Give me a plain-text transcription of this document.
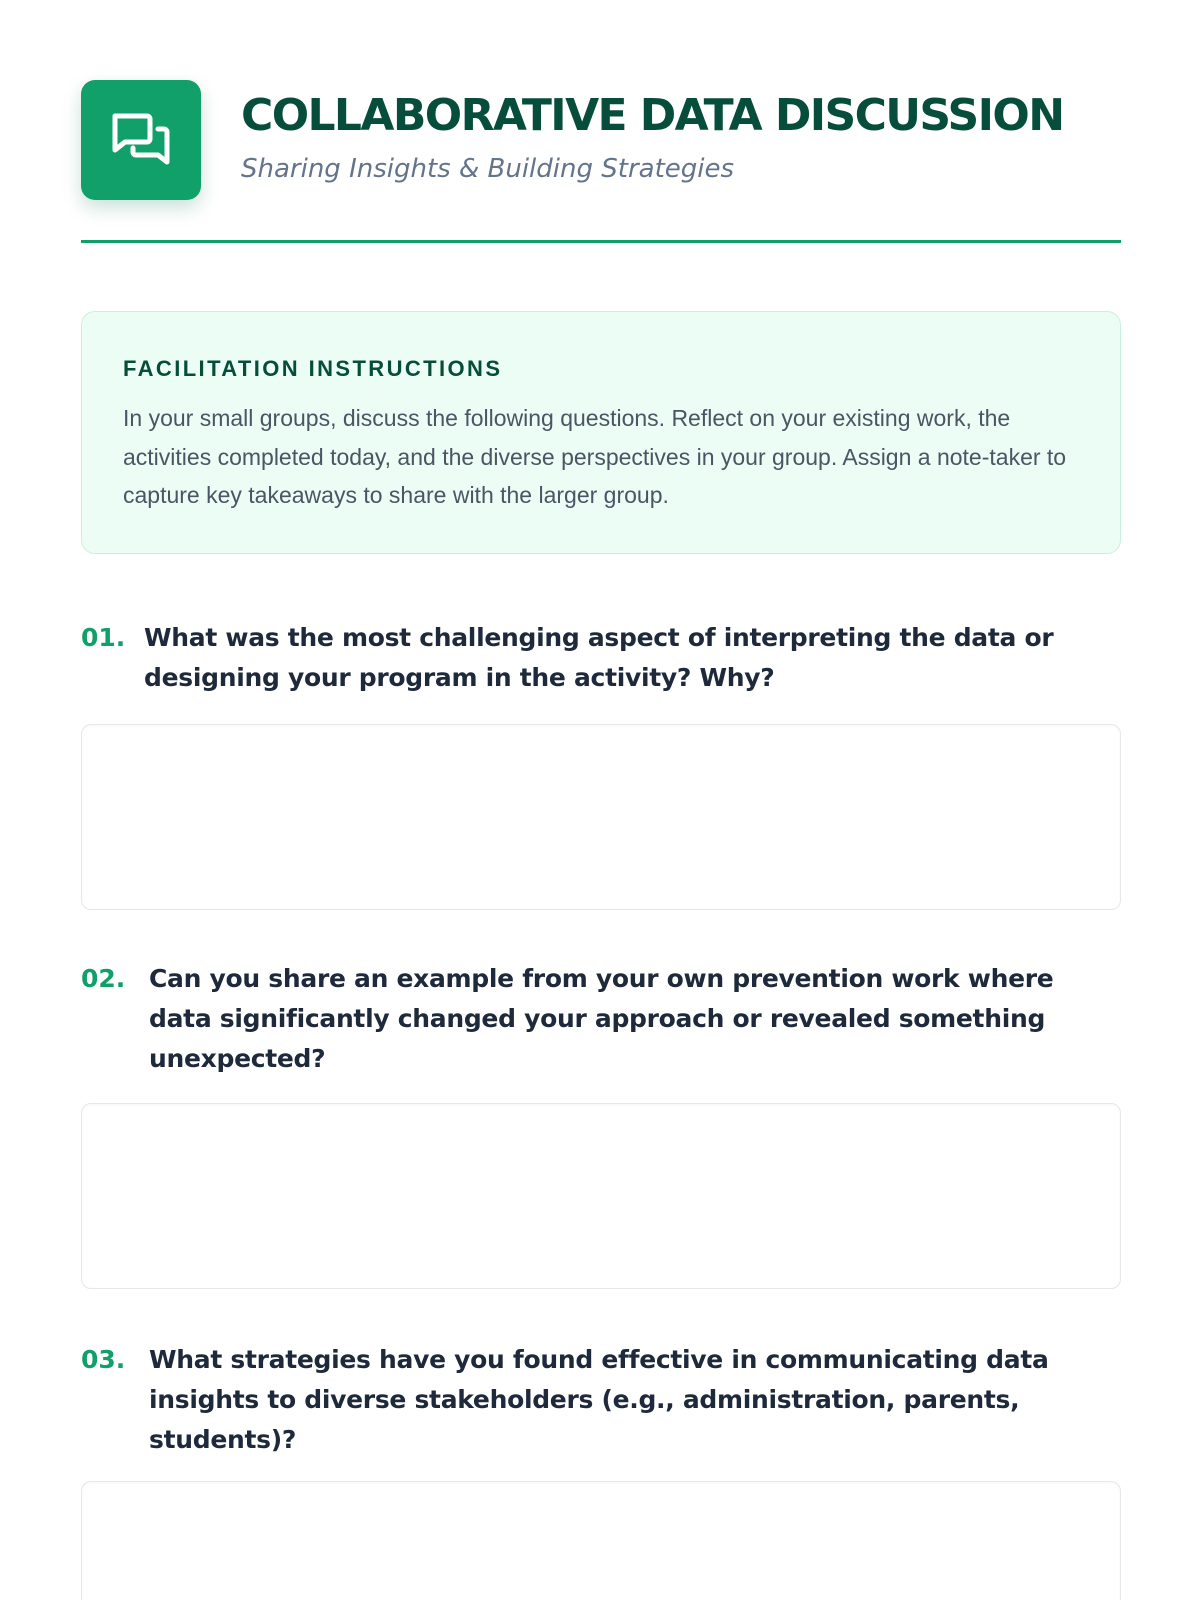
COLLABORATIVE DATA DISCUSSION
Sharing Insights & Building Strategies
FACILITATION INSTRUCTIONS
In your small groups, discuss the following questions. Reflect on your existing work, the activities completed today, and the diverse perspectives in your group. Assign a note-taker to capture key takeaways to share with the larger group.
01. What was the most challenging aspect of interpreting the data or designing your program in the activity? Why?
02. Can you share an example from your own prevention work where data significantly changed your approach or revealed something unexpected?
03. What strategies have you found effective in communicating data insights to diverse stakeholders (e.g., administration, parents, students)?
